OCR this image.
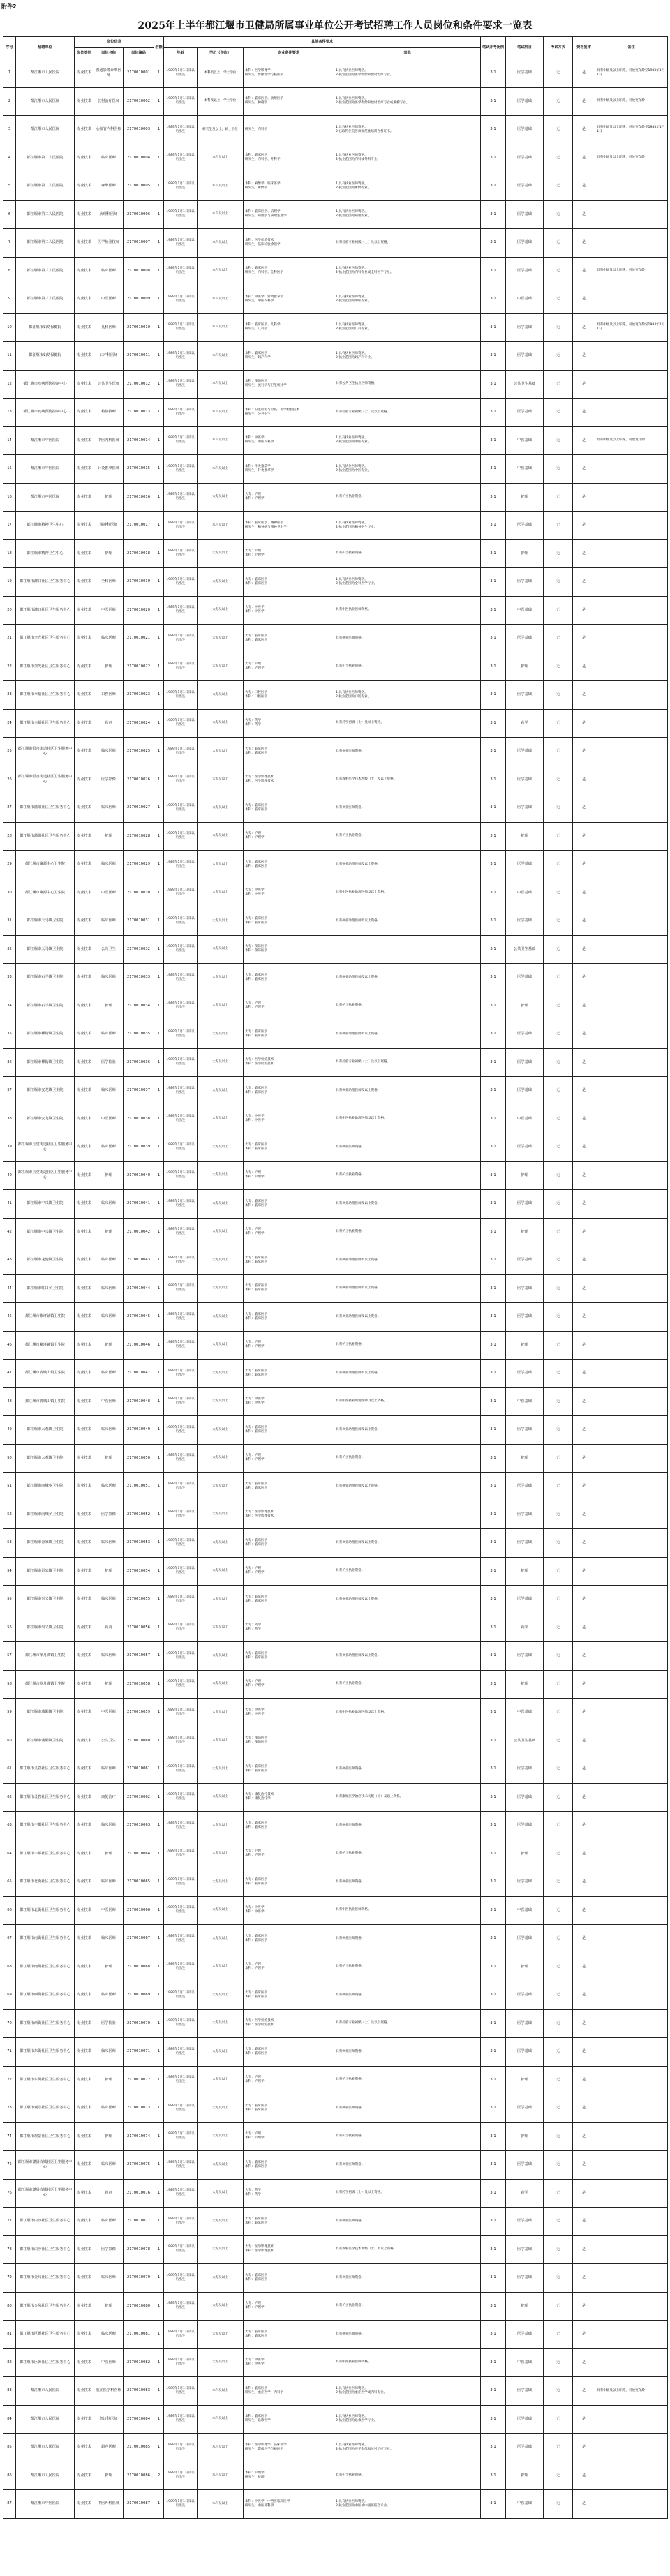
附件2
2025年上半年都江堰市卫健局所属事业单位公开考试招聘工作人员岗位和条件要求一览表
序号	招聘单位	岗位信息			名额	其他条件要求				笔试开考比例	笔试科目	考试方式	资格复审	备注
		岗位类别	岗位名称	岗位编码		年龄	学历（学位）	专业条件要求	其他					
1	都江堰市人民医院	专业技术	普通影像诊断医师	2170010001	1	1989年1月1日及以后出生	本科及以上，学士学位	本科：医学影像学
研究生：影像医学与核医学	1.具有执业医师资格。
2.执业范围为医学影像和放射治疗专业。	3:1	医学基础	无	是	具有中级及以上职称，可放宽年龄至1983年1月1日
2	都江堰市人民医院	专业技术	放射治疗医师	2170010002	1	1989年1月1日及以后出生	本科及以上，学士学位	本科：临床医学、放射医学
研究生：肿瘤学	1.具有执业医师资格。
2.执业范围为医学影像和放射治疗专业或肿瘤专业。	3:1	医学基础	无	是	具有中级及以上职称，可放宽年龄
3	都江堰市人民医院	专业技术	心血管内科医师	2170010003	1	1989年1月1日及以后出生	研究生及以上，硕士学位	研究生：内科学	1.具有执业医师资格。
2.已取得住院医师规范化培训合格证书。	3:1	医学基础	无	是	具有中级及以上职称，可放宽年龄至1983年1月1日
4	都江堰市第二人民医院	专业技术	临床医师	2170010004	1	1989年1月1日及以后出生	本科及以上	本科：临床医学
研究生：内科学、外科学	1.具有执业医师资格。
2.执业范围为内科或外科专业。	3:1	医学基础	无	是	具有中级及以上职称，可放宽年龄
5	都江堰市第二人民医院	专业技术	麻醉医师	2170010005	1	1989年1月1日及以后出生	本科及以上	本科：麻醉学、临床医学
研究生：麻醉学	1.具有执业医师资格。
2.执业范围为麻醉专业。	3:1	医学基础	无	是	
6	都江堰市第二人民医院	专业技术	病理科医师	2170010006	1	1989年1月1日及以后出生	本科及以上	本科：临床医学、病理学
研究生：病理学与病理生理学	1.具有执业医师资格。
2.执业范围为病理专业。	3:1	医学基础	无	是	
7	都江堰市第二人民医院	专业技术	医学检验技师	2170010007	1	1989年1月1日及以后出生	本科及以上	本科：医学检验技术
研究生：临床检验诊断学	具有检验专业初级（士）及以上资格。	3:1	医学基础	无	是	
8	都江堰市第三人民医院	专业技术	临床医师	2170010008	1	1989年1月1日及以后出生	本科及以上	本科：临床医学
研究生：内科学、全科医学	1.具有执业医师资格。
2.执业范围为内科专业或全科医学专业。	3:1	医学基础	无	是	具有中级及以上职称，可放宽年龄
9	都江堰市第三人民医院	专业技术	中医医师	2170010009	1	1989年1月1日及以后出生	本科及以上	本科：中医学、针灸推拿学
研究生：中医内科学	1.具有执业医师资格。
2.执业范围为中医专业。	3:1	中医基础	无	是	
10	都江堰市妇幼保健院	专业技术	儿科医师	2170010010	1	1989年1月1日及以后出生	本科及以上	本科：临床医学、儿科学
研究生：儿科学	1.具有执业医师资格。
2.执业范围为儿科专业。	3:1	医学基础	无	是	具有中级及以上职称，可放宽年龄至1983年1月1日
11	都江堰市妇幼保健院	专业技术	妇产科医师	2170010011	1	1989年1月1日及以后出生	本科及以上	本科：临床医学
研究生：妇产科学	1.具有执业医师资格。
2.执业范围为妇产科专业。	3:1	医学基础	无	是	
12	都江堰市疾病预防控制中心	专业技术	公共卫生医师	2170010012	1	1989年1月1日及以后出生	本科及以上	本科：预防医学
研究生：流行病与卫生统计学	具有公共卫生执业医师资格。	3:1	公共卫生基础	无	是	
13	都江堰市疾病预防控制中心	专业技术	检验技师	2170010013	1	1989年1月1日及以后出生	本科及以上	本科：卫生检验与检疫、医学检验技术
研究生：公共卫生	具有检验专业初级（士）及以上资格。	3:1	医学基础	无	是	
14	都江堰市中医医院	专业技术	中医内科医师	2170010014	1	1989年1月1日及以后出生	本科及以上	本科：中医学
研究生：中医内科学	1.具有执业医师资格。
2.执业范围为中医专业。	3:1	中医基础	无	是	具有中级及以上职称，可放宽年龄
15	都江堰市中医医院	专业技术	针灸推拿医师	2170010015	1	1989年1月1日及以后出生	本科及以上	本科：针灸推拿学
研究生：针灸推拿学	1.具有执业医师资格。
2.执业范围为中医专业。	3:1	中医基础	无	是	
16	都江堰市中医医院	专业技术	护理	2170010016	1	1989年1月1日及以后出生	大专及以上	大专：护理
本科：护理学	具有护士执业资格。	3:1	护理	无	是	
17	都江堰市精神卫生中心	专业技术	精神科医师	2170010017	1	1989年1月1日及以后出生	本科及以上	本科：临床医学、精神医学
研究生：精神病与精神卫生学	1.具有执业医师资格。
2.执业范围为精神卫生专业。	3:1	医学基础	无	是	
18	都江堰市精神卫生中心	专业技术	护理	2170010018	1	1989年1月1日及以后出生	大专及以上	大专：护理
本科：护理学	具有护士执业资格。	3:1	护理	无	是	
19	都江堰市灌口社区卫生服务中心	专业技术	全科医师	2170010019	1	1989年1月1日及以后出生	大专及以上	大专：临床医学
本科：临床医学	1.具有执业医师资格。
2.执业范围为全科医学专业。	3:1	医学基础	无	是	
20	都江堰市灌口社区卫生服务中心	专业技术	中医医师	2170010020	1	1989年1月1日及以后出生	大专及以上	大专：中医学
本科：中医学	具有中医执业医师资格。	3:1	中医基础	无	是	
21	都江堰市奎光社区卫生服务中心	专业技术	临床医师	2170010021	1	1989年1月1日及以后出生	大专及以上	大专：临床医学
本科：临床医学	具有执业医师资格。	3:1	医学基础	无	是	
22	都江堰市奎光社区卫生服务中心	专业技术	护理	2170010022	1	1989年1月1日及以后出生	大专及以上	大专：护理
本科：护理学	具有护士执业资格。	3:1	护理	无	是	
23	都江堰市幸福社区卫生服务中心	专业技术	口腔医师	2170010023	1	1989年1月1日及以后出生	大专及以上	大专：口腔医学
本科：口腔医学	1.具有执业医师资格。
2.执业范围为口腔专业。	3:1	医学基础	无	是	
24	都江堰市幸福社区卫生服务中心	专业技术	药剂	2170010024	1	1989年1月1日及以后出生	大专及以上	大专：药学
本科：药学	具有药学初级（士）及以上资格。	3:1	药学	无	是	
25	都江堰市银杏街道社区卫生服务中心	专业技术	临床医师	2170010025	1	1989年1月1日及以后出生	大专及以上	大专：临床医学
本科：临床医学	具有执业医师资格。	3:1	医学基础	无	是	
26	都江堰市银杏街道社区卫生服务中心	专业技术	医学影像	2170010026	1	1989年1月1日及以后出生	大专及以上	大专：医学影像技术
本科：医学影像技术	具有放射医学技术初级（士）及以上资格。	3:1	医学基础	无	是	
27	都江堰市蒲阳社区卫生服务中心	专业技术	临床医师	2170010027	1	1989年1月1日及以后出生	大专及以上	大专：临床医学
本科：临床医学	具有执业医师资格。	3:1	医学基础	无	是	
28	都江堰市蒲阳社区卫生服务中心	专业技术	护理	2170010028	1	1989年1月1日及以后出生	大专及以上	大专：护理
本科：护理学	具有护士执业资格。	3:1	护理	无	是	
29	都江堰市聚源中心卫生院	专业技术	临床医师	2170010029	1	1989年1月1日及以后出生	大专及以上	大专：临床医学
本科：临床医学	具有执业助理医师及以上资格。	3:1	医学基础	无	是	
30	都江堰市聚源中心卫生院	专业技术	中医医师	2170010030	1	1989年1月1日及以后出生	大专及以上	大专：中医学
本科：中医学	具有中医执业助理医师及以上资格。	3:1	中医基础	无	是	
31	都江堰市天马镇卫生院	专业技术	临床医师	2170010031	1	1989年1月1日及以后出生	大专及以上	大专：临床医学
本科：临床医学	具有执业助理医师及以上资格。	3:1	医学基础	无	是	
32	都江堰市天马镇卫生院	专业技术	公共卫生	2170010032	1	1989年1月1日及以后出生	大专及以上	大专：预防医学
本科：预防医学		3:1	公共卫生基础	无	是	
33	都江堰市石羊镇卫生院	专业技术	临床医师	2170010033	1	1989年1月1日及以后出生	大专及以上	大专：临床医学
本科：临床医学	具有执业助理医师及以上资格。	3:1	医学基础	无	是	
34	都江堰市石羊镇卫生院	专业技术	护理	2170010034	1	1989年1月1日及以后出生	大专及以上	大专：护理
本科：护理学	具有护士执业资格。	3:1	护理	无	是	
35	都江堰市柳街镇卫生院	专业技术	临床医师	2170010035	1	1989年1月1日及以后出生	大专及以上	大专：临床医学
本科：临床医学	具有执业助理医师及以上资格。	3:1	医学基础	无	是	
36	都江堰市柳街镇卫生院	专业技术	医学检验	2170010036	1	1989年1月1日及以后出生	大专及以上	大专：医学检验技术
本科：医学检验技术	具有检验专业初级（士）及以上资格。	3:1	医学基础	无	是	
37	都江堰市安龙镇卫生院	专业技术	临床医师	2170010037	1	1989年1月1日及以后出生	大专及以上	大专：临床医学
本科：临床医学	具有执业助理医师及以上资格。	3:1	医学基础	无	是	
38	都江堰市安龙镇卫生院	专业技术	中医医师	2170010038	1	1989年1月1日及以后出生	大专及以上	大专：中医学
本科：中医学	具有中医执业助理医师及以上资格。	3:1	中医基础	无	是	
39	都江堰市玉堂街道社区卫生服务中心	专业技术	临床医师	2170010039	1	1989年1月1日及以后出生	大专及以上	大专：临床医学
本科：临床医学	具有执业医师资格。	3:1	医学基础	无	是	
40	都江堰市玉堂街道社区卫生服务中心	专业技术	护理	2170010040	1	1989年1月1日及以后出生	大专及以上	大专：护理
本科：护理学	具有护士执业资格。	3:1	护理	无	是	
41	都江堰市中兴镇卫生院	专业技术	临床医师	2170010041	1	1989年1月1日及以后出生	大专及以上	大专：临床医学
本科：临床医学	具有执业助理医师及以上资格。	3:1	医学基础	无	是	
42	都江堰市中兴镇卫生院	专业技术	护理	2170010042	1	1989年1月1日及以后出生	大专及以上	大专：护理
本科：护理学	具有护士执业资格。	3:1	护理	无	是	
43	都江堰市龙池镇卫生院	专业技术	临床医师	2170010043	1	1989年1月1日及以后出生	大专及以上	大专：临床医学
本科：临床医学	具有执业助理医师及以上资格。	3:1	医学基础	无	是	
44	都江堰市虹口乡卫生院	专业技术	临床医师	2170010044	1	1989年1月1日及以后出生	大专及以上	大专：临床医学
本科：临床医学	具有执业助理医师及以上资格。	3:1	医学基础	无	是	
45	都江堰市紫坪铺镇卫生院	专业技术	临床医师	2170010045	1	1989年1月1日及以后出生	大专及以上	大专：临床医学
本科：临床医学	具有执业助理医师及以上资格。	3:1	医学基础	无	是	
46	都江堰市紫坪铺镇卫生院	专业技术	护理	2170010046	1	1989年1月1日及以后出生	大专及以上	大专：护理
本科：护理学	具有护士执业资格。	3:1	护理	无	是	
47	都江堰市青城山镇卫生院	专业技术	临床医师	2170010047	1	1989年1月1日及以后出生	大专及以上	大专：临床医学
本科：临床医学	具有执业助理医师及以上资格。	3:1	医学基础	无	是	
48	都江堰市青城山镇卫生院	专业技术	中医医师	2170010048	1	1989年1月1日及以后出生	大专及以上	大专：中医学
本科：中医学	具有中医执业助理医师及以上资格。	3:1	中医基础	无	是	
49	都江堰市大观镇卫生院	专业技术	临床医师	2170010049	1	1989年1月1日及以后出生	大专及以上	大专：临床医学
本科：临床医学	具有执业助理医师及以上资格。	3:1	医学基础	无	是	
50	都江堰市大观镇卫生院	专业技术	护理	2170010050	1	1989年1月1日及以后出生	大专及以上	大专：护理
本科：护理学	具有护士执业资格。	3:1	护理	无	是	
51	都江堰市向峨乡卫生院	专业技术	临床医师	2170010051	1	1989年1月1日及以后出生	大专及以上	大专：临床医学
本科：临床医学	具有执业助理医师及以上资格。	3:1	医学基础	无	是	
52	都江堰市向峨乡卫生院	专业技术	医学影像	2170010052	1	1989年1月1日及以后出生	大专及以上	大专：医学影像技术
本科：医学影像技术		3:1	医学基础	无	是	
53	都江堰市胥家镇卫生院	专业技术	临床医师	2170010053	1	1989年1月1日及以后出生	大专及以上	大专：临床医学
本科：临床医学	具有执业助理医师及以上资格。	3:1	医学基础	无	是	
54	都江堰市胥家镇卫生院	专业技术	护理	2170010054	1	1989年1月1日及以后出生	大专及以上	大专：护理
本科：护理学	具有护士执业资格。	3:1	护理	无	是	
55	都江堰市崇义镇卫生院	专业技术	临床医师	2170010055	1	1989年1月1日及以后出生	大专及以上	大专：临床医学
本科：临床医学	具有执业助理医师及以上资格。	3:1	医学基础	无	是	
56	都江堰市崇义镇卫生院	专业技术	药剂	2170010056	1	1989年1月1日及以后出生	大专及以上	大专：药学
本科：药学		3:1	药学	无	是	
57	都江堰市翠月湖镇卫生院	专业技术	临床医师	2170010057	1	1989年1月1日及以后出生	大专及以上	大专：临床医学
本科：临床医学	具有执业助理医师及以上资格。	3:1	医学基础	无	是	
58	都江堰市翠月湖镇卫生院	专业技术	护理	2170010058	1	1989年1月1日及以后出生	大专及以上	大专：护理
本科：护理学	具有护士执业资格。	3:1	护理	无	是	
59	都江堰市蒲阳镇卫生院	专业技术	中医医师	2170010059	1	1989年1月1日及以后出生	大专及以上	大专：中医学
本科：中医学	具有中医执业助理医师及以上资格。	3:1	中医基础	无	是	
60	都江堰市蒲阳镇卫生院	专业技术	公共卫生	2170010060	1	1989年1月1日及以后出生	大专及以上	大专：预防医学
本科：预防医学		3:1	公共卫生基础	无	是	
61	都江堰市灵岩社区卫生服务中心	专业技术	临床医师	2170010061	1	1989年1月1日及以后出生	大专及以上	大专：临床医学
本科：临床医学	具有执业医师资格。	3:1	医学基础	无	是	
62	都江堰市灵岩社区卫生服务中心	专业技术	康复治疗	2170010062	1	1989年1月1日及以后出生	大专及以上	大专：康复治疗技术
本科：康复治疗学	具有康复医学治疗技术初级（士）及以上资格。	3:1	医学基础	无	是	
63	都江堰市丰都社区卫生服务中心	专业技术	临床医师	2170010063	1	1989年1月1日及以后出生	大专及以上	大专：临床医学
本科：临床医学	具有执业医师资格。	3:1	医学基础	无	是	
64	都江堰市丰都社区卫生服务中心	专业技术	护理	2170010064	1	1989年1月1日及以后出生	大专及以上	大专：护理
本科：护理学	具有护士执业资格。	3:1	护理	无	是	
65	都江堰市北街社区卫生服务中心	专业技术	临床医师	2170010065	1	1989年1月1日及以后出生	大专及以上	大专：临床医学
本科：临床医学	具有执业医师资格。	3:1	医学基础	无	是	
66	都江堰市北街社区卫生服务中心	专业技术	中医医师	2170010066	1	1989年1月1日及以后出生	大专及以上	大专：中医学
本科：中医学	具有中医执业医师资格。	3:1	中医基础	无	是	
67	都江堰市南街社区卫生服务中心	专业技术	临床医师	2170010067	1	1989年1月1日及以后出生	大专及以上	大专：临床医学
本科：临床医学	具有执业医师资格。	3:1	医学基础	无	是	
68	都江堰市南街社区卫生服务中心	专业技术	护理	2170010068	1	1989年1月1日及以后出生	大专及以上	大专：护理
本科：护理学	具有护士执业资格。	3:1	护理	无	是	
69	都江堰市西街社区卫生服务中心	专业技术	临床医师	2170010069	1	1989年1月1日及以后出生	大专及以上	大专：临床医学
本科：临床医学	具有执业医师资格。	3:1	医学基础	无	是	
70	都江堰市西街社区卫生服务中心	专业技术	医学检验	2170010070	1	1989年1月1日及以后出生	大专及以上	大专：医学检验技术
本科：医学检验技术	具有检验专业初级（士）及以上资格。	3:1	医学基础	无	是	
71	都江堰市东街社区卫生服务中心	专业技术	临床医师	2170010071	1	1989年1月1日及以后出生	大专及以上	大专：临床医学
本科：临床医学	具有执业医师资格。	3:1	医学基础	无	是	
72	都江堰市东街社区卫生服务中心	专业技术	护理	2170010072	1	1989年1月1日及以后出生	大专及以上	大专：护理
本科：护理学	具有护士执业资格。	3:1	护理	无	是	
73	都江堰市观景社区卫生服务中心	专业技术	临床医师	2170010073	1	1989年1月1日及以后出生	大专及以上	大专：临床医学
本科：临床医学	具有执业医师资格。	3:1	医学基础	无	是	
74	都江堰市观景社区卫生服务中心	专业技术	护理	2170010074	1	1989年1月1日及以后出生	大专及以上	大专：护理
本科：护理学	具有护士执业资格。	3:1	护理	无	是	
75	都江堰市灌县古城社区卫生服务中心	专业技术	临床医师	2170010075	1	1989年1月1日及以后出生	大专及以上	大专：临床医学
本科：临床医学	具有执业医师资格。	3:1	医学基础	无	是	
76	都江堰市灌县古城社区卫生服务中心	专业技术	药剂	2170010076	1	1989年1月1日及以后出生	大专及以上	大专：药学
本科：药学	具有药学初级（士）及以上资格。	3:1	药学	无	是	
77	都江堰市白沙社区卫生服务中心	专业技术	临床医师	2170010077	1	1989年1月1日及以后出生	大专及以上	大专：临床医学
本科：临床医学	具有执业医师资格。	3:1	医学基础	无	是	
78	都江堰市白沙社区卫生服务中心	专业技术	医学影像	2170010078	1	1989年1月1日及以后出生	大专及以上	大专：医学影像技术
本科：医学影像技术	具有放射医学技术初级（士）及以上资格。	3:1	医学基础	无	是	
79	都江堰市金凤社区卫生服务中心	专业技术	临床医师	2170010079	1	1989年1月1日及以后出生	大专及以上	大专：临床医学
本科：临床医学	具有执业医师资格。	3:1	医学基础	无	是	
80	都江堰市金凤社区卫生服务中心	专业技术	护理	2170010080	1	1989年1月1日及以后出生	大专及以上	大专：护理
本科：护理学	具有护士执业资格。	3:1	护理	无	是	
81	都江堰市巨源社区卫生服务中心	专业技术	临床医师	2170010081	1	1989年1月1日及以后出生	大专及以上	大专：临床医学
本科：临床医学	具有执业医师资格。	3:1	医学基础	无	是	
82	都江堰市巨源社区卫生服务中心	专业技术	中医医师	2170010082	1	1989年1月1日及以后出生	大专及以上	大专：中医学
本科：中医学	具有中医执业医师资格。	3:1	中医基础	无	是	
83	都江堰市人民医院	专业技术	重症医学科医师	2170010083	1	1989年1月1日及以后出生	本科及以上	本科：临床医学
研究生：重症医学、内科学	1.具有执业医师资格。
2.执业范围为重症医学或内科专业。	3:1	医学基础	无	是	具有中级及以上职称，可放宽年龄
84	都江堰市人民医院	专业技术	急诊科医师	2170010084	1	1989年1月1日及以后出生	本科及以上	本科：临床医学
研究生：急诊医学	1.具有执业医师资格。
2.执业范围为急救医学专业。	3:1	医学基础	无	是	
85	都江堰市人民医院	专业技术	超声医师	2170010085	1	1989年1月1日及以后出生	本科及以上	本科：医学影像学、临床医学
研究生：影像医学与核医学	1.具有执业医师资格。
2.执业范围为医学影像和放射治疗专业。	3:1	医学基础	无	是	
86	都江堰市人民医院	专业技术	护理	2170010086	2	1989年1月1日及以后出生	本科及以上	本科：护理学
研究生：护理	具有护士执业资格。	3:1	护理	无	是	
87	都江堰市中医医院	专业技术	中医外科医师	2170010087	1	1989年1月1日及以后出生	本科及以上	本科：中医学、中西医临床医学
研究生：中医外科学	1.具有执业医师资格。
2.执业范围为中医或中西医结合专业。	3:1	中医基础	无	是	
